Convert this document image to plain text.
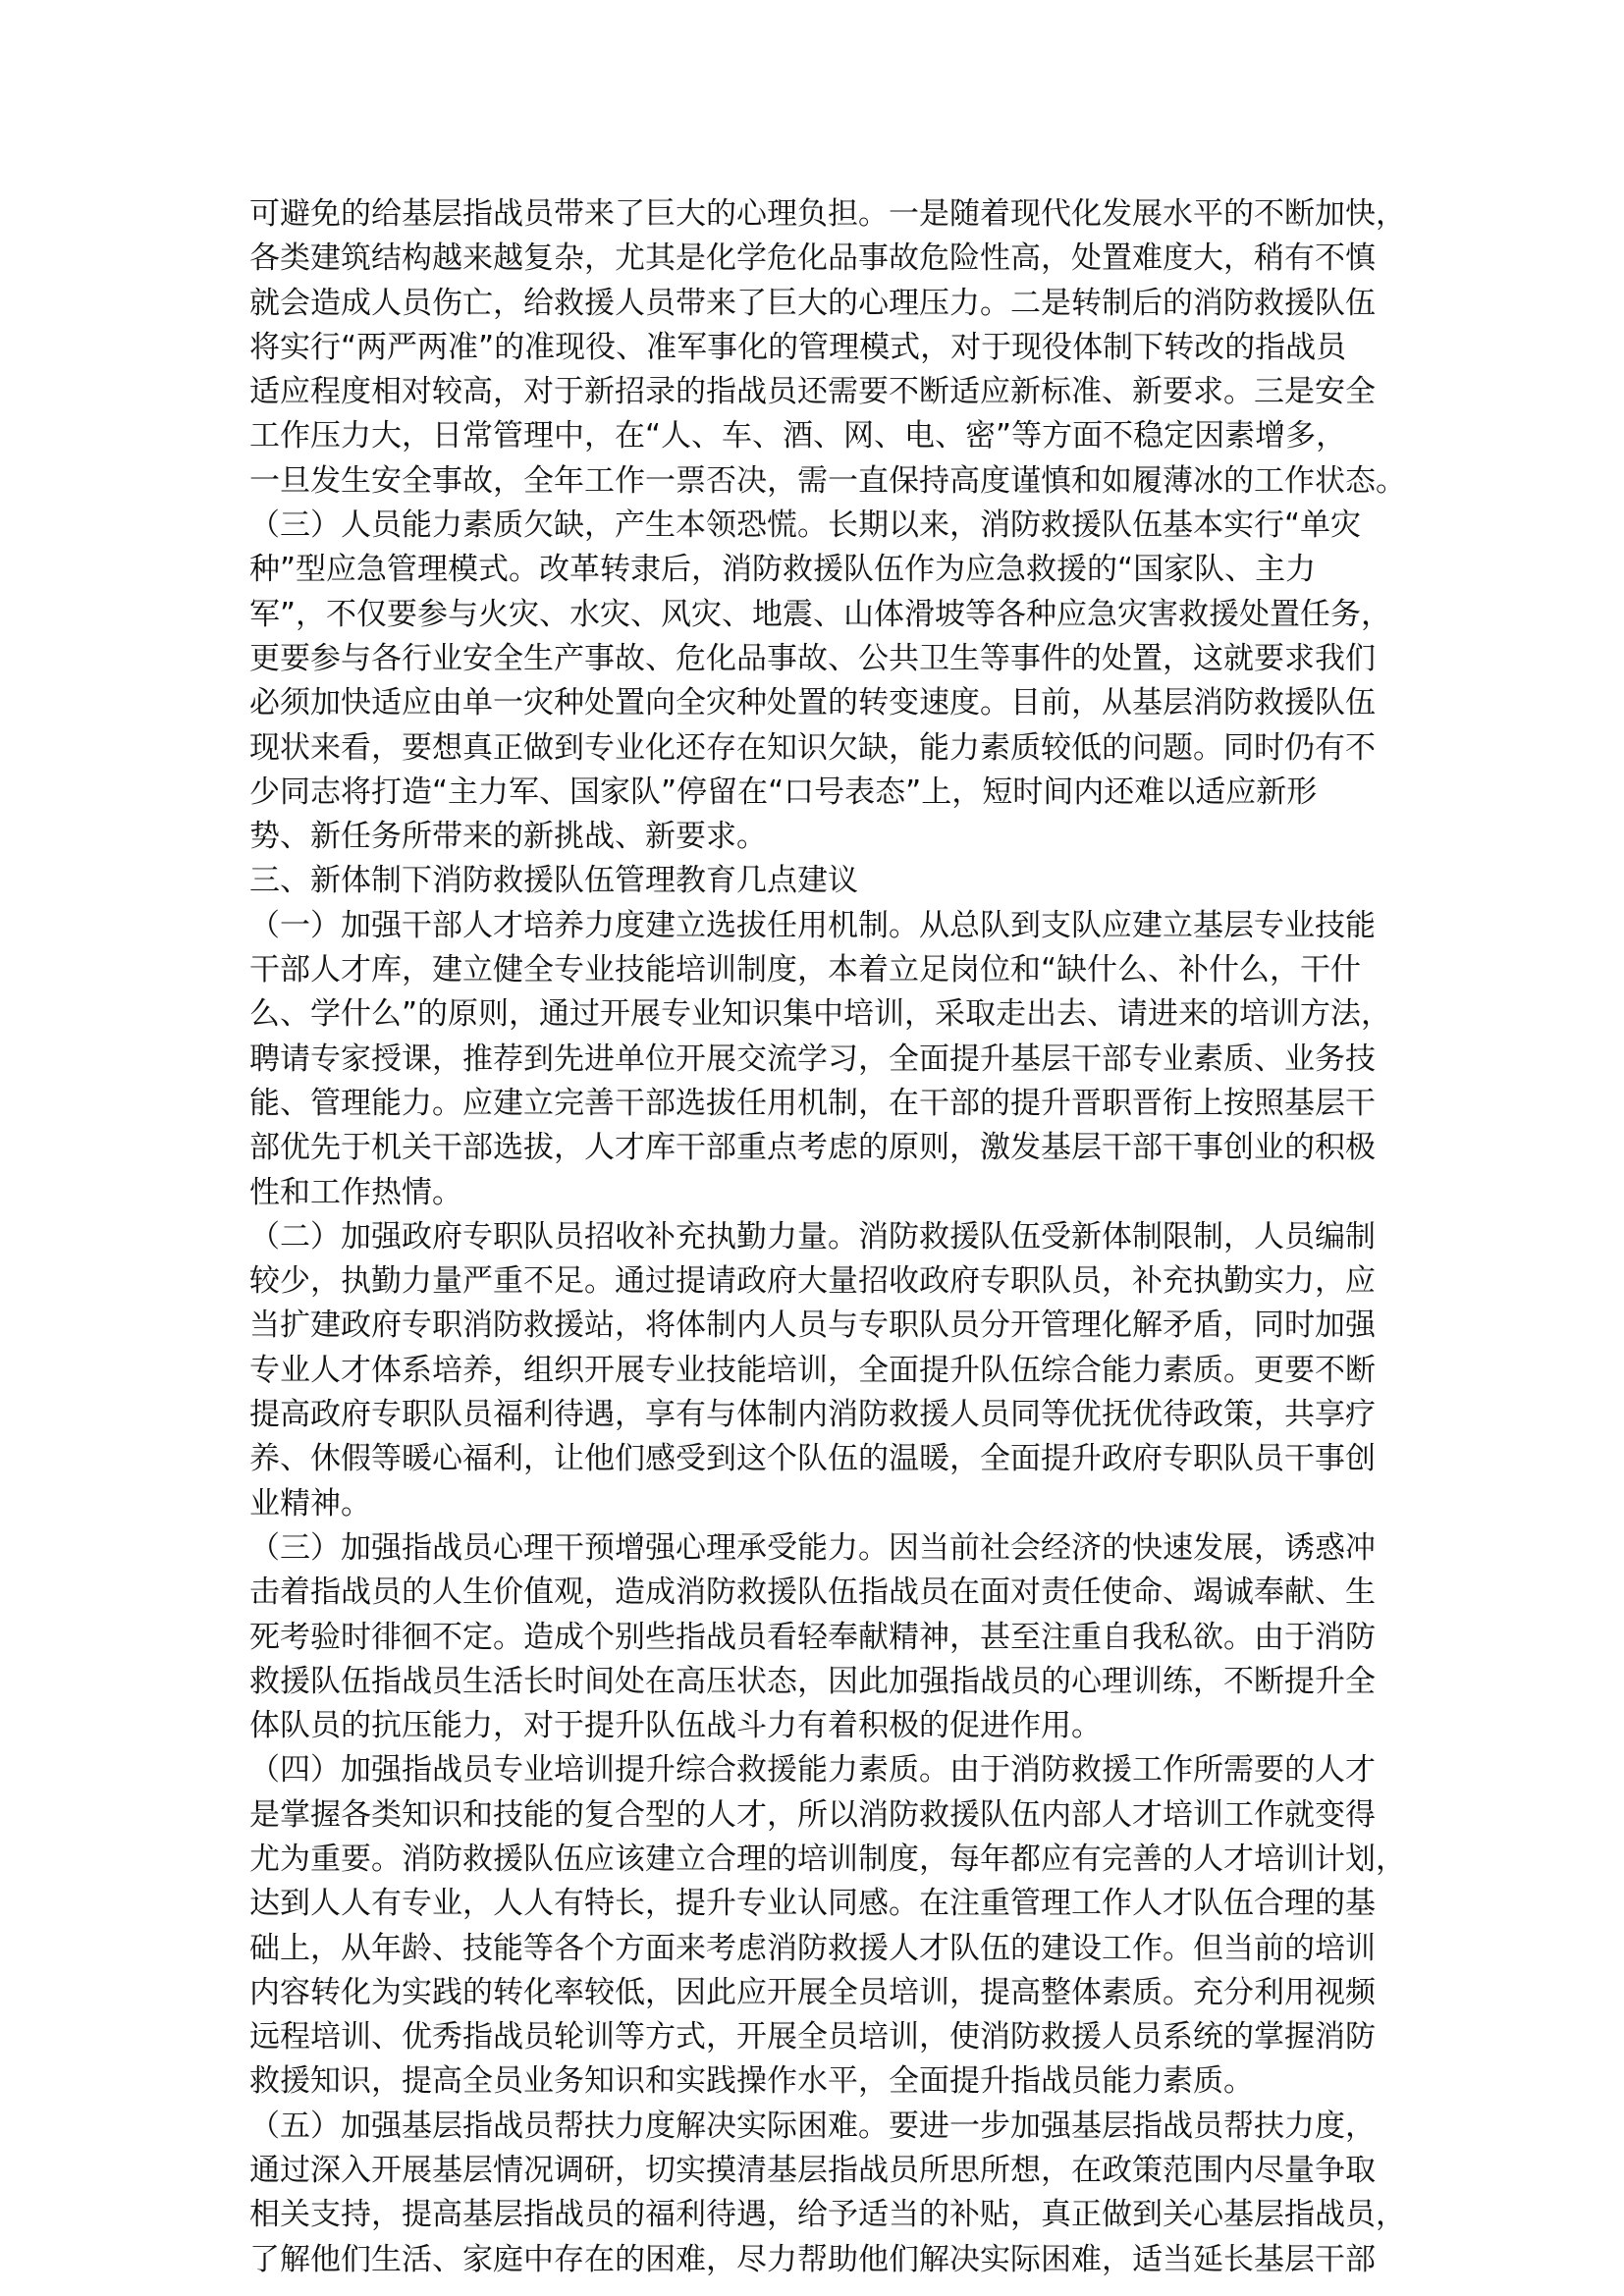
可避免的给基层指战员带来了巨大的心理负担。一是随着现代化发展水平的不断加快，

各类建筑结构越来越复杂，尤其是化学危化品事故危险性高，处置难度大，稍有不慎

就会造成人员伤亡，给救援人员带来了巨大的心理压力。二是转制后的消防救援队伍

将实行“两严两准”的准现役、准军事化的管理模式，对于现役体制下转改的指战员

适应程度相对较高，对于新招录的指战员还需要不断适应新标准、新要求。三是安全

工作压力大，日常管理中，在“人、车、酒、网、电、密”等方面不稳定因素增多，

一旦发生安全事故，全年工作一票否决，需一直保持高度谨慎和如履薄冰的工作状态。

（三）人员能力素质欠缺，产生本领恐慌。长期以来，消防救援队伍基本实行“单灾

种”型应急管理模式。改革转隶后，消防救援队伍作为应急救援的“国家队、主力

军”，不仅要参与火灾、水灾、风灾、地震、山体滑坡等各种应急灾害救援处置任务，

更要参与各行业安全生产事故、危化品事故、公共卫生等事件的处置，这就要求我们

必须加快适应由单一灾种处置向全灾种处置的转变速度。目前，从基层消防救援队伍

现状来看，要想真正做到专业化还存在知识欠缺，能力素质较低的问题。同时仍有不

少同志将打造“主力军、国家队”停留在“口号表态”上，短时间内还难以适应新形

势、新任务所带来的新挑战、新要求。

三、新体制下消防救援队伍管理教育几点建议

（一）加强干部人才培养力度建立选拔任用机制。从总队到支队应建立基层专业技能

干部人才库，建立健全专业技能培训制度，本着立足岗位和“缺什么、补什么，干什

么、学什么”的原则，通过开展专业知识集中培训，采取走出去、请进来的培训方法，

聘请专家授课，推荐到先进单位开展交流学习，全面提升基层干部专业素质、业务技

能、管理能力。应建立完善干部选拔任用机制，在干部的提升晋职晋衔上按照基层干

部优先于机关干部选拔，人才库干部重点考虑的原则，激发基层干部干事创业的积极

性和工作热情。

（二）加强政府专职队员招收补充执勤力量。消防救援队伍受新体制限制，人员编制

较少，执勤力量严重不足。通过提请政府大量招收政府专职队员，补充执勤实力，应

当扩建政府专职消防救援站，将体制内人员与专职队员分开管理化解矛盾，同时加强

专业人才体系培养，组织开展专业技能培训，全面提升队伍综合能力素质。更要不断

提高政府专职队员福利待遇，享有与体制内消防救援人员同等优抚优待政策，共享疗

养、休假等暖心福利，让他们感受到这个队伍的温暖，全面提升政府专职队员干事创

业精神。

（三）加强指战员心理干预增强心理承受能力。因当前社会经济的快速发展，诱惑冲

击着指战员的人生价值观，造成消防救援队伍指战员在面对责任使命、竭诚奉献、生

死考验时徘徊不定。造成个别些指战员看轻奉献精神，甚至注重自我私欲。由于消防

救援队伍指战员生活长时间处在高压状态，因此加强指战员的心理训练，不断提升全

体队员的抗压能力，对于提升队伍战斗力有着积极的促进作用。

（四）加强指战员专业培训提升综合救援能力素质。由于消防救援工作所需要的人才

是掌握各类知识和技能的复合型的人才，所以消防救援队伍内部人才培训工作就变得

尤为重要。消防救援队伍应该建立合理的培训制度，每年都应有完善的人才培训计划，

达到人人有专业，人人有特长，提升专业认同感。在注重管理工作人才队伍合理的基

础上，从年龄、技能等各个方面来考虑消防救援人才队伍的建设工作。但当前的培训

内容转化为实践的转化率较低，因此应开展全员培训，提高整体素质。充分利用视频

远程培训、优秀指战员轮训等方式，开展全员培训，使消防救援人员系统的掌握消防

救援知识，提高全员业务知识和实践操作水平，全面提升指战员能力素质。

（五）加强基层指战员帮扶力度解决实际困难。要进一步加强基层指战员帮扶力度，

通过深入开展基层情况调研，切实摸清基层指战员所思所想，在政策范围内尽量争取

相关支持，提高基层指战员的福利待遇，给予适当的补贴，真正做到关心基层指战员，

了解他们生活、家庭中存在的困难，尽力帮助他们解决实际困难，适当延长基层干部
